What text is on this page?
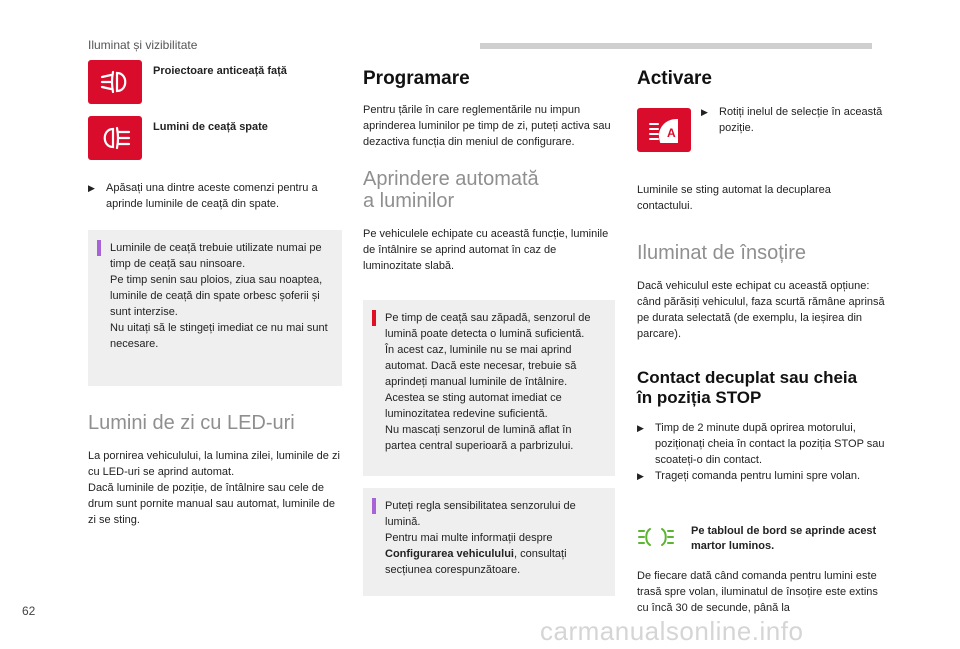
Iluminat și vizibilitate
Proiectoare anticeață față
Lumini de ceață spate
▶	Apăsați una dintre aceste comenzi pentru a aprinde luminile de ceață din spate.

Luminile de ceață trebuie utilizate numai pe timp de ceață sau ninsoare.

Pe timp senin sau ploios, ziua sau noaptea, luminile de ceață din spate orbesc șoferii și sunt interzise.

Nu uitați să le stingeți imediat ce nu mai sunt necesare.

Lumini de zi cu LED-uri

La pornirea vehiculului, la lumina zilei, luminile de zi cu LED-uri se aprind automat.

Dacă luminile de poziție, de întâlnire sau cele de drum sunt pornite manual sau automat, luminile de zi se sting.

Programare

Pentru țările în care reglementările nu impun aprinderea luminilor pe timp de zi, puteți activa sau dezactiva funcția din meniul de configurare.

Aprindere automată
a luminilor

Pe vehiculele echipate cu această funcție, luminile de întâlnire se aprind automat în caz de luminozitate slabă.

Pe timp de ceață sau zăpadă, senzorul de lumină poate detecta o lumină suficientă.

În acest caz, luminile nu se mai aprind automat. Dacă este necesar, trebuie să aprindeți manual luminile de întâlnire.

Acestea se sting automat imediat ce luminozitatea redevine suficientă.

Nu mascați senzorul de lumină aflat în partea central superioară a parbrizului.

Puteți regla sensibilitatea senzorului de lumină.

Pentru mai multe informații despre
Configurarea vehiculului, consultați secțiunea corespunzătoare.

Activare
A
▶	Rotiți inelul de selecție în această poziție.

Luminile se sting automat la decuplarea contactului.

Iluminat de însoțire

Dacă vehiculul este echipat cu această opțiune: când părăsiți vehiculul, faza scurtă rămâne aprinsă pe durata selectată (de exemplu, la ieșirea din parcare).

Contact decuplat sau cheia
în poziția STOP
▶	Timp de 2 minute după oprirea motorului, poziționați cheia în contact la poziția STOP sau scoateți-o din contact.
▶	Trageți comanda pentru lumini spre volan.
Pe tabloul de bord se aprinde acest martor luminos.

De fiecare dată când comanda pentru lumini este trasă spre volan, iluminatul de însoțire este extins cu încă 30 de secunde, până la

62
carmanualsonline.info
